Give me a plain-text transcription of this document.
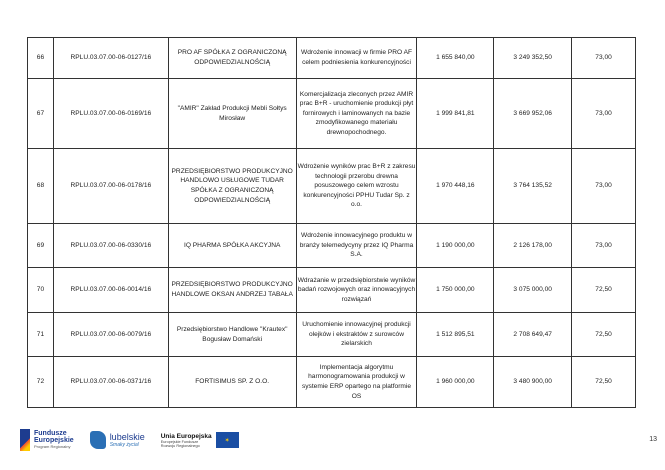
66	RPLU.03.07.00-06-0127/16	PRO AF SPÓŁKA Z OGRANICZONĄ ODPOWIEDZIALNOŚCIĄ	Wdrożenie innowacji w firmie PRO AF celem podniesienia konkurencyjności	1 655 840,00	3 249 352,50	73,00
67	RPLU.03.07.00-06-0169/16	"AMIR" Zakład Produkcji Mebli Sołtys Mirosław	Komercjalizacja zleconych przez AMIR prac B+R - uruchomienie produkcji płyt fornirowych i laminowanych na bazie zmodyfikowanego materiału drewnopochodnego.	1 999 841,81	3 669 952,06	73,00
68	RPLU.03.07.00-06-0178/16	PRZEDSIĘBIORSTWO PRODUKCYJNO HANDLOWO USŁUGOWE TUDAR SPÓŁKA Z OGRANICZONĄ ODPOWIEDZIALNOŚCIĄ	Wdrożenie wyników prac B+R z zakresu technologii przerobu drewna posuszowego celem wzrostu konkurencyjności PPHU Tudar Sp. z o.o.	1 970 448,16	3 764 135,52	73,00
69	RPLU.03.07.00-06-0330/16	IQ PHARMA SPÓŁKA AKCYJNA	Wdrożenie innowacyjnego produktu w branży telemedycyny przez IQ Pharma S.A.	1 190 000,00	2 126 178,00	73,00
70	RPLU.03.07.00-06-0014/16	PRZEDSIĘBIORSTWO PRODUKCYJNO HANDLOWE OKSAN ANDRZEJ TABAŁA	Wdrażanie w przedsiębiorstwie wyników badań rozwojowych oraz innowacyjnych rozwiązań	1 750 000,00	3 075 000,00	72,50
71	RPLU.03.07.00-06-0079/16	Przedsiębiorstwo Handlowe "Krautex" Bogusław Domański	Uruchomienie innowacyjnej produkcji olejków i ekstraktów z surowców zielarskich	1 512 895,51	2 708 649,47	72,50
72	RPLU.03.07.00-06-0371/16	FORTISIMUS SP. Z O.O.	Implementacja algorytmu harmonogramowania produkcji w systemie ERP opartego na platformie OS	1 960 000,00	3 480 900,00	72,50
Fundusze
Europejskie
Program Regionalny
lubelskie
Smaky życia!
Unia Europejska
Europejskie Fundusze
Rozwoju Regionalnego
✶	13
